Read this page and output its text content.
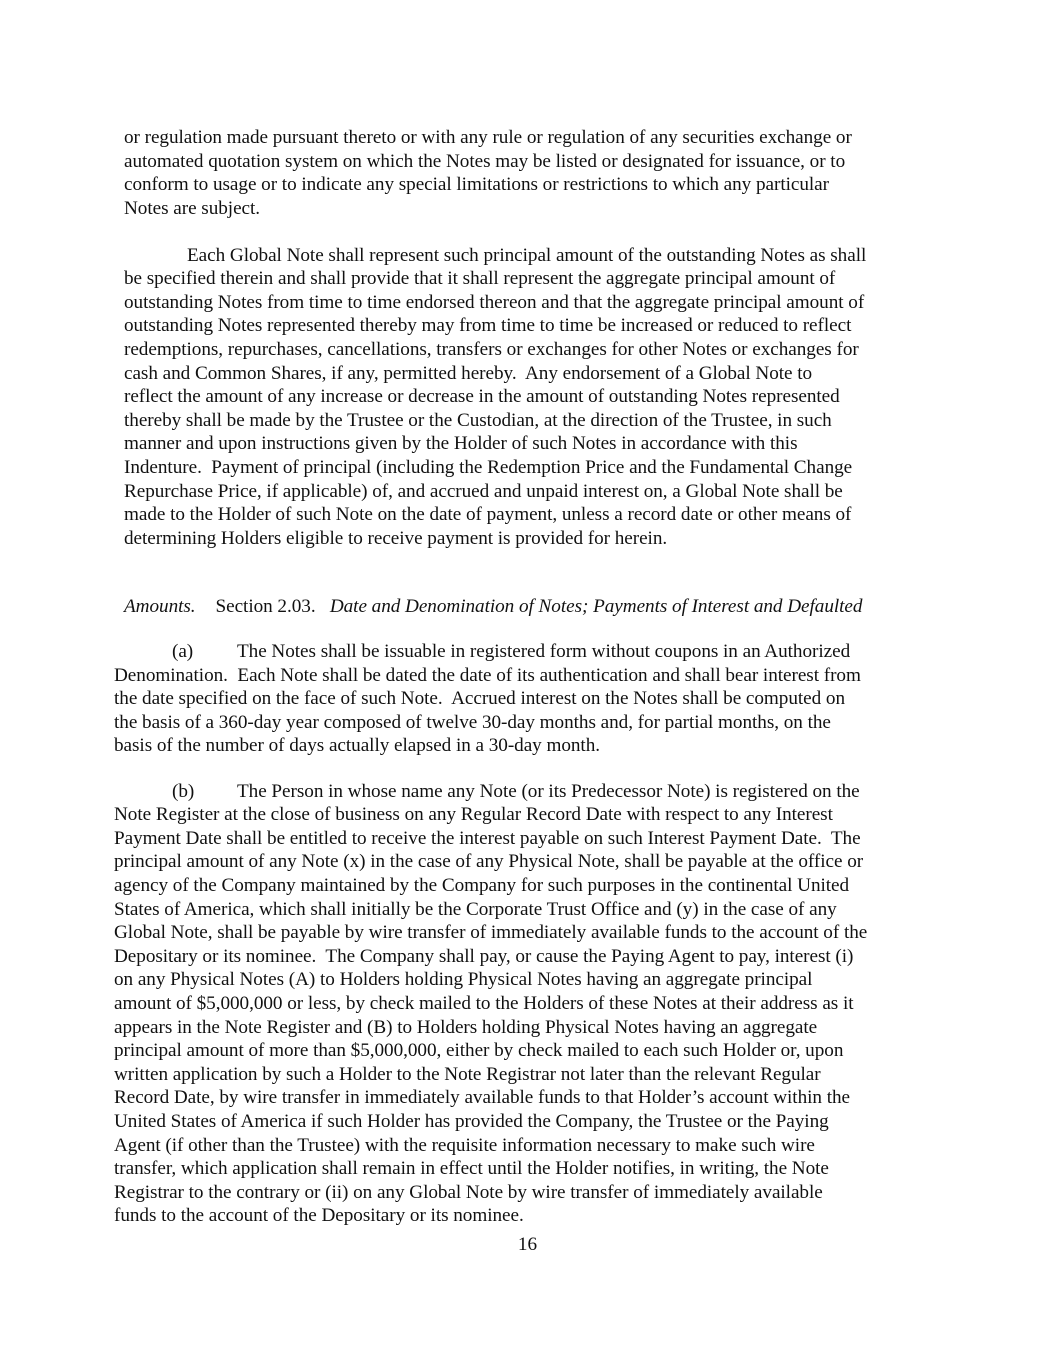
or regulation made pursuant thereto or with any rule or regulation of any securities exchange or
automated quotation system on which the Notes may be listed or designated for issuance, or to
conform to usage or to indicate any special limitations or restrictions to which any particular
Notes are subject.
Each Global Note shall represent such principal amount of the outstanding Notes as shall
be specified therein and shall provide that it shall represent the aggregate principal amount of
outstanding Notes from time to time endorsed thereon and that the aggregate principal amount of
outstanding Notes represented thereby may from time to time be increased or reduced to reflect
redemptions, repurchases, cancellations, transfers or exchanges for other Notes or exchanges for
cash and Common Shares, if any, permitted hereby.  Any endorsement of a Global Note to
reflect the amount of any increase or decrease in the amount of outstanding Notes represented
thereby shall be made by the Trustee or the Custodian, at the direction of the Trustee, in such
manner and upon instructions given by the Holder of such Notes in accordance with this
Indenture.  Payment of principal (including the Redemption Price and the Fundamental Change
Repurchase Price, if applicable) of, and accrued and unpaid interest on, a Global Note shall be
made to the Holder of such Note on the date of payment, unless a record date or other means of
determining Holders eligible to receive payment is provided for herein.

Section 2.03. Date and Denomination of Notes; Payments of Interest and Defaulted

Amounts.
(a) The Notes shall be issuable in registered form without coupons in an Authorized
Denomination.  Each Note shall be dated the date of its authentication and shall bear interest from
the date specified on the face of such Note.  Accrued interest on the Notes shall be computed on
the basis of a 360-day year composed of twelve 30-day months and, for partial months, on the
basis of the number of days actually elapsed in a 30-day month.
(b) The Person in whose name any Note (or its Predecessor Note) is registered on the
Note Register at the close of business on any Regular Record Date with respect to any Interest
Payment Date shall be entitled to receive the interest payable on such Interest Payment Date.  The
principal amount of any Note (x) in the case of any Physical Note, shall be payable at the office or
agency of the Company maintained by the Company for such purposes in the continental United
States of America, which shall initially be the Corporate Trust Office and (y) in the case of any
Global Note, shall be payable by wire transfer of immediately available funds to the account of the
Depositary or its nominee.  The Company shall pay, or cause the Paying Agent to pay, interest (i)
on any Physical Notes (A) to Holders holding Physical Notes having an aggregate principal
amount of $5,000,000 or less, by check mailed to the Holders of these Notes at their address as it
appears in the Note Register and (B) to Holders holding Physical Notes having an aggregate
principal amount of more than $5,000,000, either by check mailed to each such Holder or, upon
written application by such a Holder to the Note Registrar not later than the relevant Regular
Record Date, by wire transfer in immediately available funds to that Holder’s account within the
United States of America if such Holder has provided the Company, the Trustee or the Paying
Agent (if other than the Trustee) with the requisite information necessary to make such wire
transfer, which application shall remain in effect until the Holder notifies, in writing, the Note
Registrar to the contrary or (ii) on any Global Note by wire transfer of immediately available
funds to the account of the Depositary or its nominee.
16
